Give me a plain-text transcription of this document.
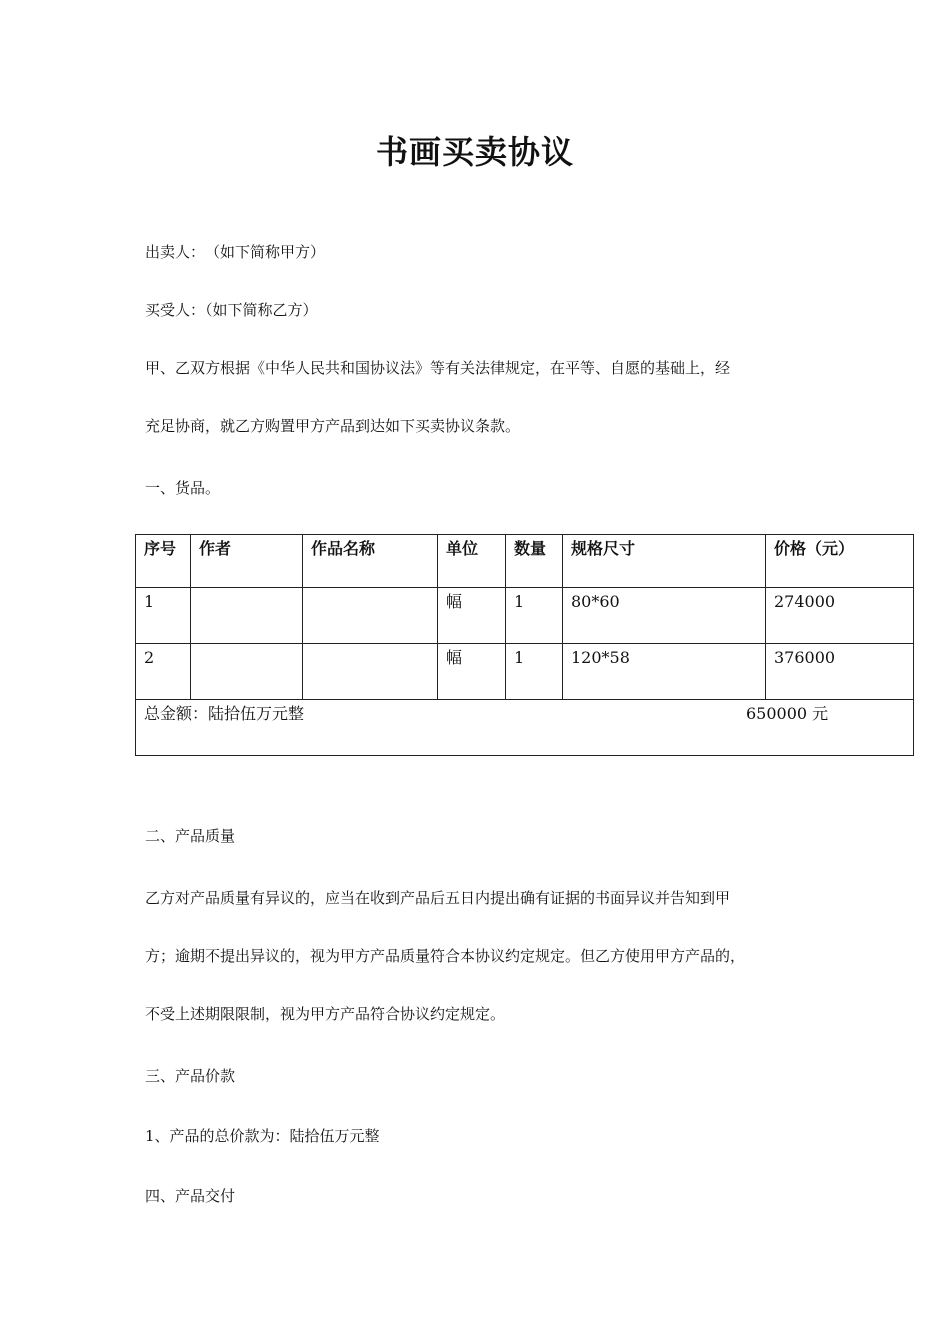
书画买卖协议
出卖人：　（如下简称甲方）
买受人：（如下简称乙方）
甲、乙双方根据《中华人民共和国协议法》等有关法律规定，在平等、自愿的基础上，经
充足协商，就乙方购置甲方产品到达如下买卖协议条款。
一、货品。
序号	作者	作品名称	单位	数量	规格尺寸	价格（元）
1			幅	1	80*60	274000
2			幅	1	120*58	376000

总金额：陆拾伍万元整 650000 元						
二、产品质量
乙方对产品质量有异议的，应当在收到产品后五日内提出确有证据的书面异议并告知到甲
方；逾期不提出异议的，视为甲方产品质量符合本协议约定规定。但乙方使用甲方产品的，
不受上述期限限制，视为甲方产品符合协议约定规定。
三、产品价款
1、产品的总价款为：陆拾伍万元整
四、产品交付
